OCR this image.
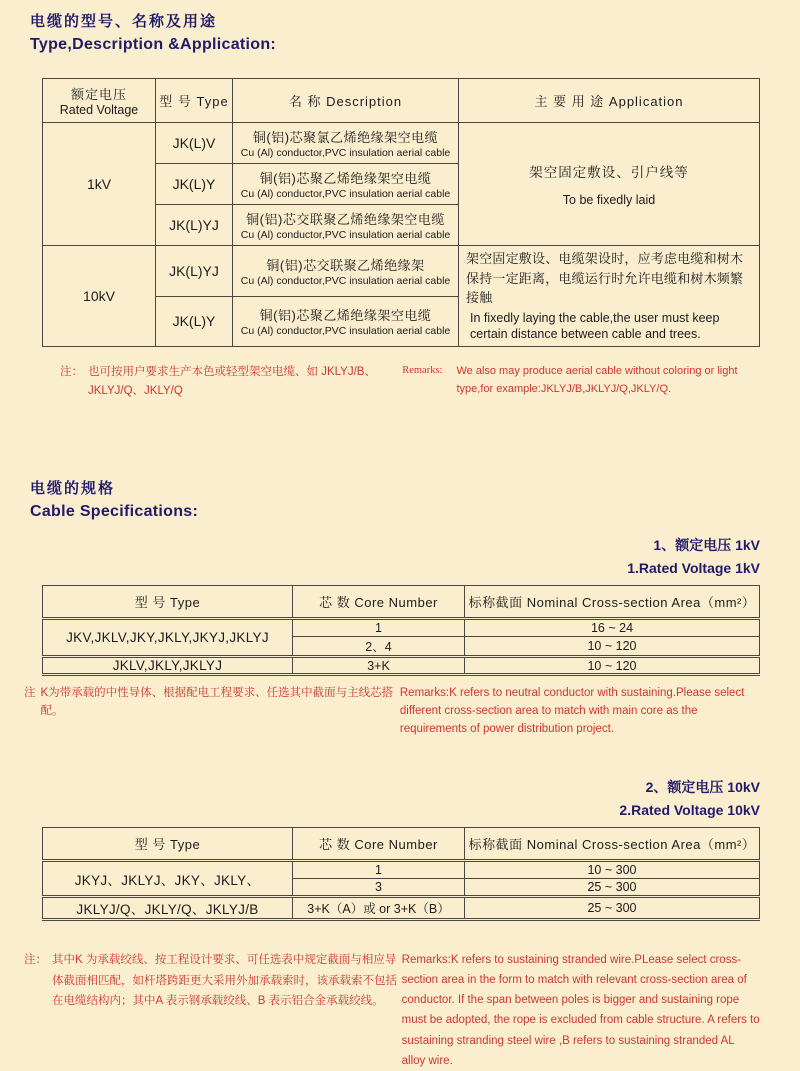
电缆的型号、名称及用途
Type,Description &Application:
额定电压
Rated Voltage	型 号 Type	名 称 Description	主 要 用 途 Application
1kV	JK(L)V	铜(铝)芯聚氯乙烯绝缘架空电缆
Cu (Al) conductor,PVC insulation aerial cable

架空固定敷设、引户线等
To be fixedly laid

	JK(L)Y	铜(铝)芯聚乙烯绝缘架空电缆
Cu (Al) conductor,PVC insulation aerial cable	

	JK(L)YJ	铜(铝)芯交联聚乙烯绝缘架空电缆
Cu (Al) conductor,PVC insulation aerial cable	

10kV	JK(L)YJ	铜(铝)芯交联聚乙烯绝缘架
Cu (Al) conductor,PVC insulation aerial cable

架空固定敷设、电缆架设时，应考虑电缆和树木保持一定距离，电缆运行时允许电缆和树木频繁接触
In fixedly laying the cable,the user must keep certain distance between cable and trees.

	JK(L)Y	铜(铝)芯聚乙烯绝缘架空电缆
Cu (Al) conductor,PVC insulation aerial cable	
注： 也可按用户要求生产本色或轻型架空电缆、如 JKLYJ/B、JKLYJ/Q、JKLY/Q
Remarks: We also may produce aerial cable without coloring or light type,for example:JKLYJ/B,JKLYJ/Q,JKLY/Q.
电缆的规格
Cable Specifications:
1、额定电压 1kV
1.Rated Voltage 1kV
型 号 Type	芯 数 Core Number	标称截面 Nominal Cross-section Area（mm²）
JKV,JKLV,JKY,JKLY,JKYJ,JKLYJ	1	16 ~ 24
	2、4	10 ~ 120
JKLV,JKLY,JKLYJ	3+K	10 ~ 120
注 K为带承载的中性导体、根据配电工程要求、任选其中截面与主线芯搭配。
Remarks:K refers to neutral conductor with sustaining.Please select different cross-section area to match with main core as the requirements of power distribution project.
2、额定电压 10kV
2.Rated Voltage 10kV
型 号 Type	芯 数 Core Number	标称截面 Nominal Cross-section Area（mm²）
JKYJ、JKLYJ、JKY、JKLY、	1	10 ~ 300
	3	25 ~ 300
JKLYJ/Q、JKLY/Q、JKLYJ/B	3+K（A）或 or 3+K（B）	25 ~ 300
注： 其中K 为承载绞线、按工程设计要求、可任选表中规定截面与相应导体截面相匹配，如杆塔跨距更大采用外加承载索时，该承载索不包括在电缆结构内；其中A 表示钢承载绞线、B 表示铝合金承载绞线。
Remarks:K refers to sustaining stranded wire.PLease select cross-section area in the form to match with relevant cross-section area of conductor. If the span between poles is bigger and sustaining rope must be adopted, the rope is excluded from cable structure. A refers to sustaining stranding steel wire ,B refers to sustaining stranded AL alloy wire.
